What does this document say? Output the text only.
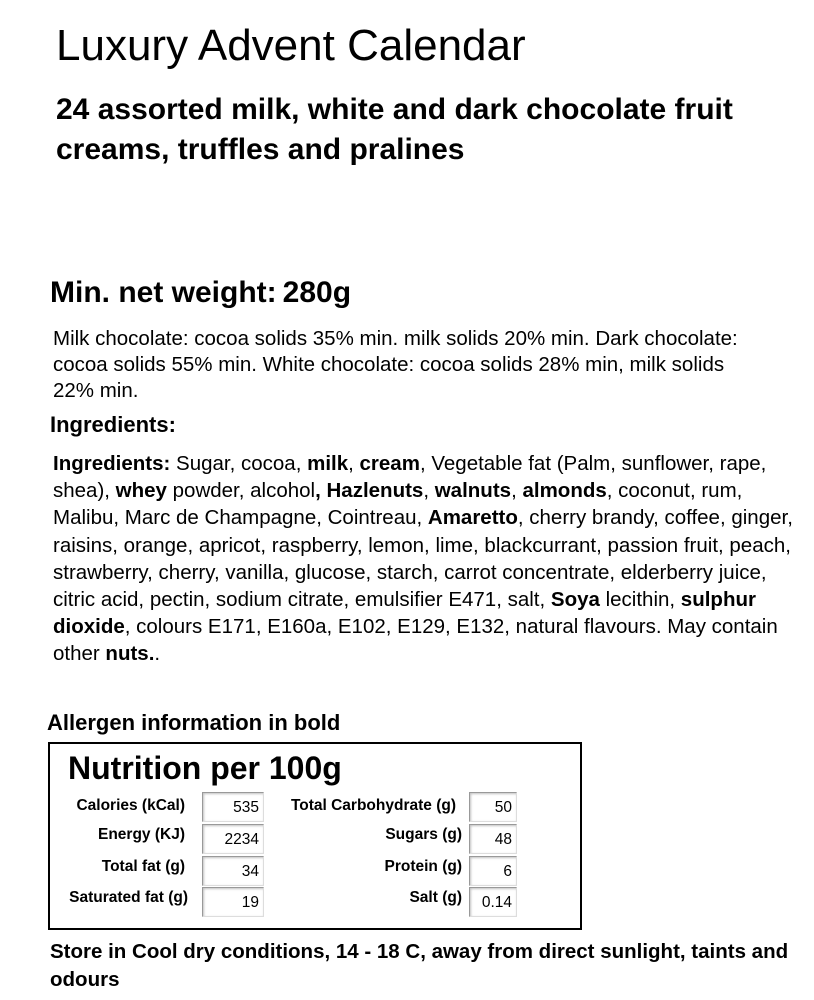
Luxury Advent Calendar
24 assorted milk, white and dark chocolate fruit creams, truffles and pralines
Min. net weight: 280g
Milk chocolate: cocoa solids 35% min. milk solids 20% min. Dark chocolate: cocoa solids 55% min. White chocolate: cocoa solids 28% min, milk solids 22% min.
Ingredients:
Ingredients: Sugar, cocoa, milk, cream, Vegetable fat (Palm, sunflower, rape, shea), whey powder, alcohol, Hazlenuts, walnuts, almonds, coconut, rum, Malibu, Marc de Champagne, Cointreau, Amaretto, cherry brandy, coffee, ginger, raisins, orange, apricot, raspberry, lemon, lime, blackcurrant, passion fruit, peach, strawberry, cherry, vanilla, glucose, starch, carrot concentrate, elderberry juice, citric acid, pectin, sodium citrate, emulsifier E471, salt, Soya lecithin, sulphur dioxide, colours E171, E160a, E102, E129, E132, natural flavours. May contain other nuts..
Allergen information in bold
Nutrition per 100g
Calories (kCal)	535
Energy (KJ)	2234
Total fat (g)	34
Saturated fat (g)	19
Total Carbohydrate (g)	50
Sugars (g)	48
Protein (g)	6
Salt (g)	0.14
Store in Cool dry conditions, 14 - 18 C, away from direct sunlight, taints and odours
